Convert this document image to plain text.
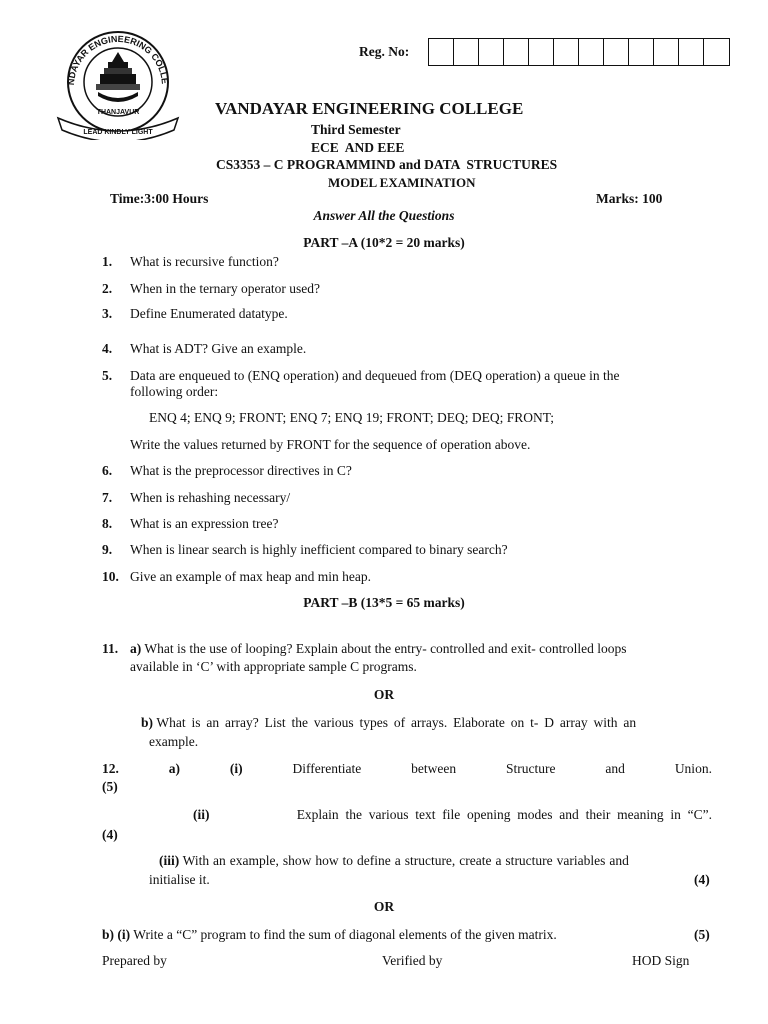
NDAYAR ENGINEERING COLLE
THANJAVUR
LEAD KINDLY LIGHT
Reg. No:
VANDAYAR ENGINEERING COLLEGE
Third Semester
ECE  AND EEE
CS3353 – C PROGRAMMIND and DATA  STRUCTURES
MODEL EXAMINATION
Time:3:00 Hours	Marks: 100
Answer All the Questions
PART –A (10*2 = 20 marks)
1. What is recursive function?
2. When in the ternary operator used?
3. Define Enumerated datatype.
4. What is ADT? Give an example.
5. Data are enqueued to (ENQ operation) and dequeued from (DEQ operation) a queue in the
following order:
ENQ 4; ENQ 9; FRONT; ENQ 7; ENQ 19; FRONT; DEQ; DEQ; FRONT;
Write the values returned by FRONT for the sequence of operation above.
6. What is the preprocessor directives in C?
7. When is rehashing necessary/
8. What is an expression tree?
9. When is linear search is highly inefficient compared to binary search?
10. Give an example of max heap and min heap.
PART –B (13*5 = 65 marks)
11. a) What is the use of looping? Explain about the entry- controlled and exit- controlled loops
available in ‘C’ with appropriate sample C programs.
OR
b) What is an array? List the various types of arrays. Elaborate on t- D array with an
example.
12.	a)	(i)	Differentiate	between	Structure	and	Union.
(5)
(ii)	Explain the various text file opening modes and their meaning in “C”.
(4)
(iii) With an example, show how to define a structure, create a structure variables and
initialise it.	(4)
OR
b) (i) Write a “C” program to find the sum of diagonal elements of the given matrix.	(5)
Prepared by	Verified by	HOD Sign
